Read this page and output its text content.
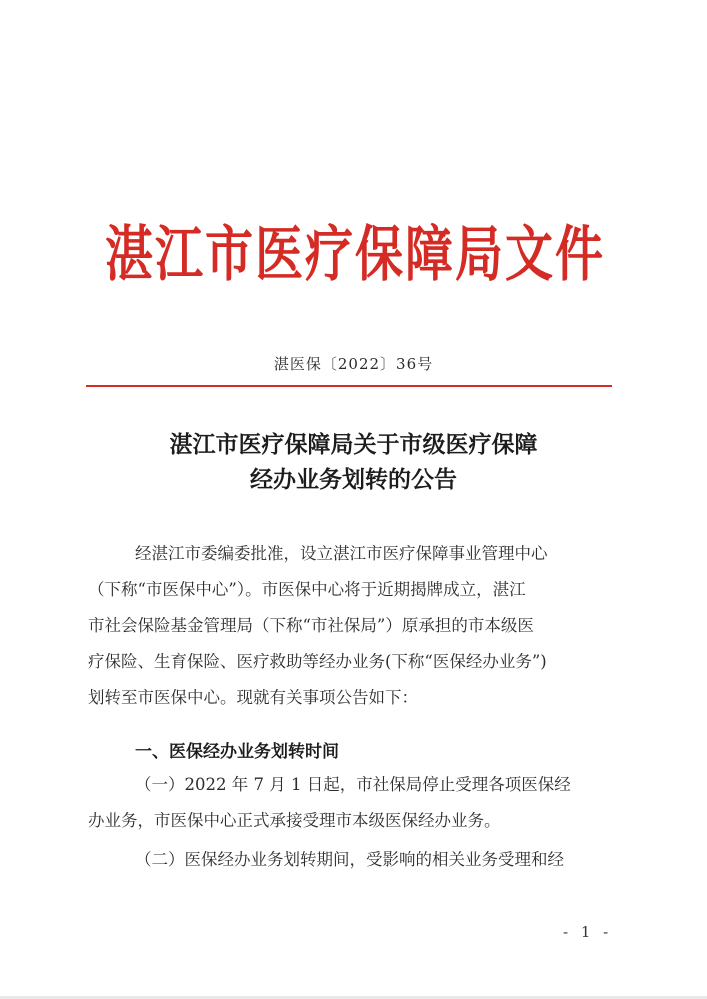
湛江市医疗保障局文件
湛医保〔2022〕36号
湛江市医疗保障局关于市级医疗保障
经办业务划转的公告
经湛江市委编委批准，设立湛江市医疗保障事业管理中心
（下称“市医保中心”）。市医保中心将于近期揭牌成立，湛江
市社会保险基金管理局（下称“市社保局”）原承担的市本级医
疗保险、生育保险、医疗救助等经办业务(下称“医保经办业务”)
划转至市医保中心。现就有关事项公告如下：
一、医保经办业务划转时间
（一）2022 年 7 月 1 日起，市社保局停止受理各项医保经
办业务，市医保中心正式承接受理市本级医保经办业务。
（二）医保经办业务划转期间，受影响的相关业务受理和经
- 1 -
